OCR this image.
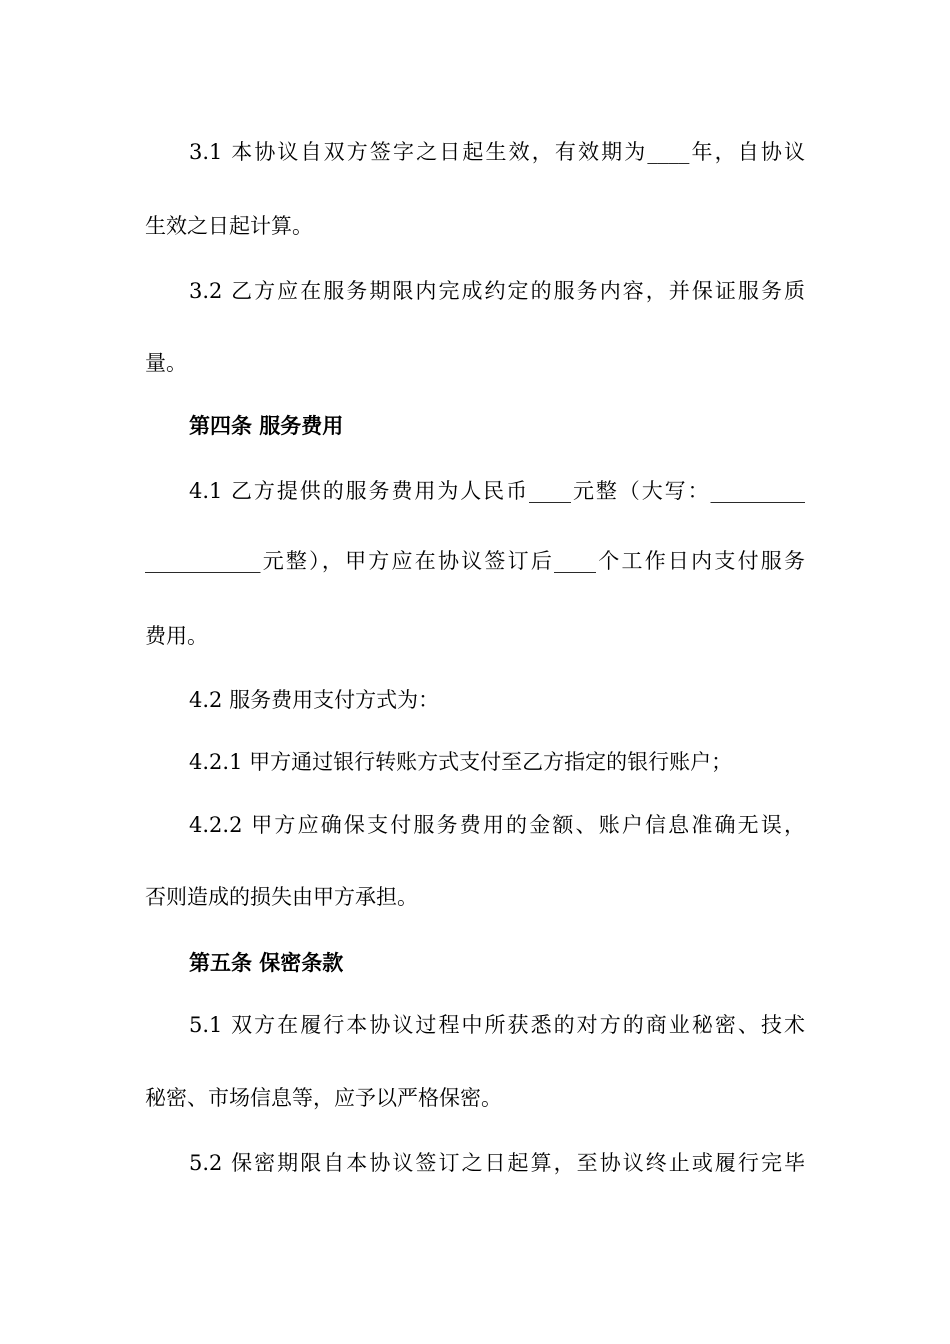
3.1 本协议自双方签字之日起生效，有效期为____年，自协议
生效之日起计算。
3.2 乙方应在服务期限内完成约定的服务内容，并保证服务质
量。
第四条 服务费用
4.1 乙方提供的服务费用为人民币____元整（大写：_________
___________元整），甲方应在协议签订后____个工作日内支付服务
费用。
4.2 服务费用支付方式为：
4.2.1 甲方通过银行转账方式支付至乙方指定的银行账户；
4.2.2 甲方应确保支付服务费用的金额、账户信息准确无误，
否则造成的损失由甲方承担。
第五条 保密条款
5.1 双方在履行本协议过程中所获悉的对方的商业秘密、技术
秘密、市场信息等，应予以严格保密。
5.2 保密期限自本协议签订之日起算，至协议终止或履行完毕
